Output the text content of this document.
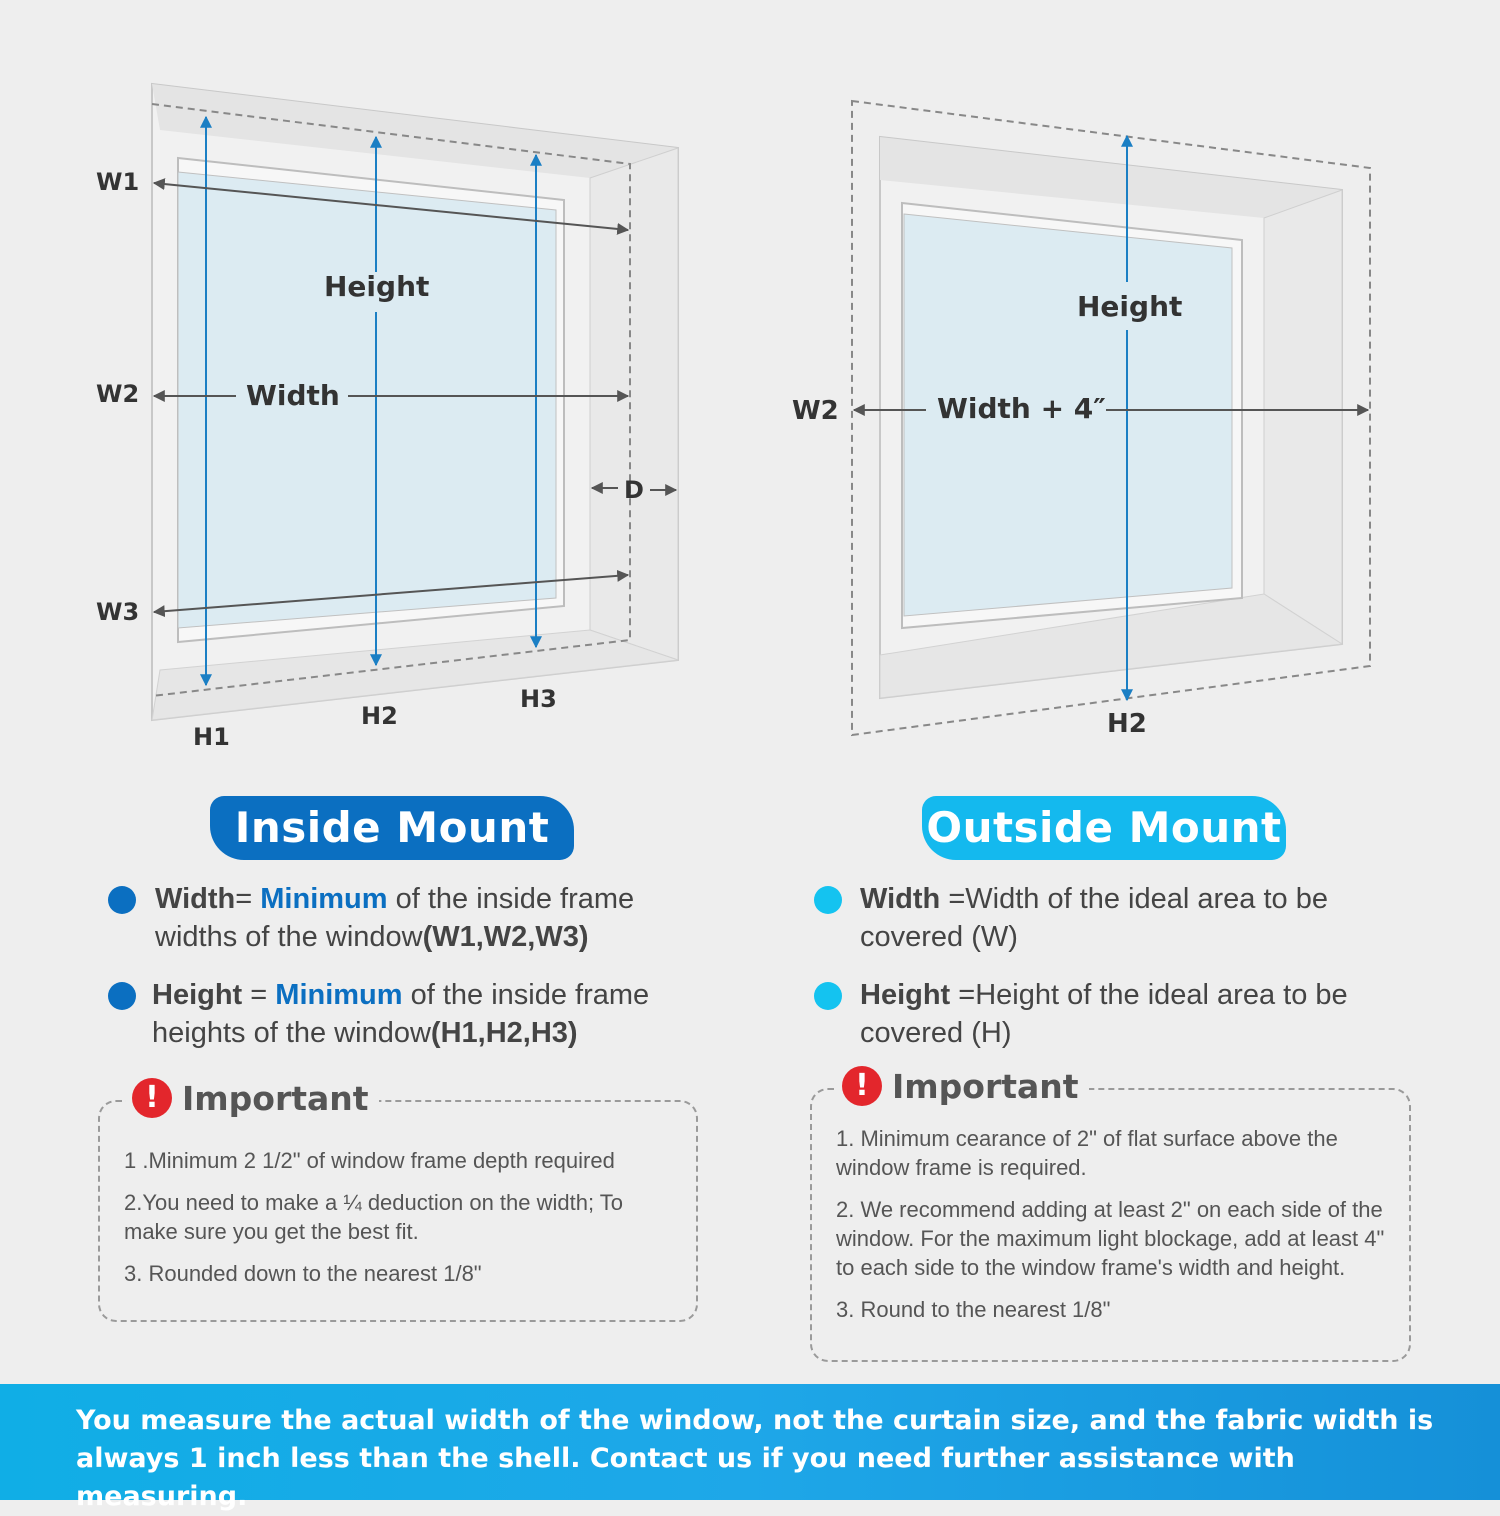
W1
W2
W3
H1
H2
H3
D
Height
Width	W2
H2
Height
Width + 4″
Inside Mount
Width= Minimum of the inside frame widths of the window(W1,W2,W3)
Height = Minimum of the inside frame heights of the window(H1,H2,H3)
! Important

1 .Minimum 2 1/2" of window frame depth required

2.You need to make a ¼ deduction on the width; To make sure you get the best fit.

3. Rounded down to the nearest 1/8"

Outside Mount
Width =Width of the ideal area to be covered (W)
Height =Height of the ideal area to be covered (H)
! Important

1. Minimum cearance of 2" of flat surface above the window frame is required.

2. We recommend adding at least 2" on each side of the window. For the maximum light blockage, add at least 4" to each side to the window frame's width and height.

3. Round to the nearest 1/8"

You measure the actual width of the window, not the curtain size, and the fabric width is always 1 inch less than the shell. Contact us if you need further assistance with measuring.
